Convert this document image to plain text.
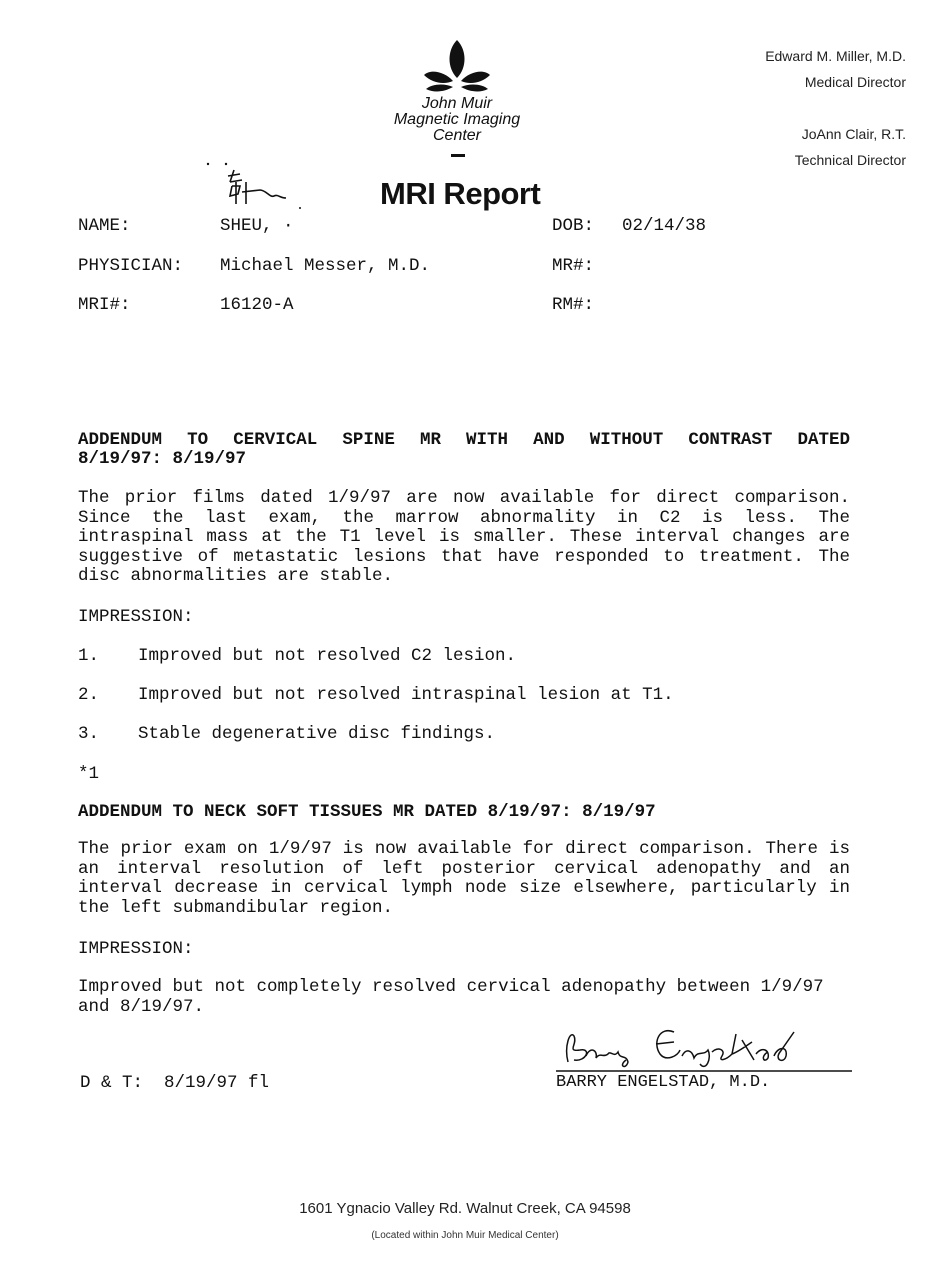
John Muir
Magnetic Imaging
Center
Edward M. Miller, M.D.
Medical Director
JoAnn Clair, R.T.
Technical Director
MRI Report
NAME:	SHEU, ·	DOB: 02/14/38
PHYSICIAN: Michael Messer, M.D.	MR#:
MRI#:	16120-A	RM#:
ADDENDUM TO CERVICAL SPINE MR WITH AND WITHOUT CONTRAST DATED
8/19/97: 8/19/97
The prior films dated 1/9/97 are now available for direct comparison. Since the last exam, the marrow abnormality in C2 is less. The intraspinal mass at the T1 level is smaller. These interval changes are suggestive of metastatic lesions that have responded to treatment. The disc abnormalities are stable.
IMPRESSION:
1. Improved but not resolved C2 lesion.
2. Improved but not resolved intraspinal lesion at T1.
3. Stable degenerative disc findings.
*1
ADDENDUM TO NECK SOFT TISSUES MR DATED 8/19/97: 8/19/97
The prior exam on 1/9/97 is now available for direct comparison. There is an interval resolution of left posterior cervical adenopathy and an interval decrease in cervical lymph node size elsewhere, particularly in the left submandibular region.
IMPRESSION:
Improved but not completely resolved cervical adenopathy between 1/9/97 and 8/19/97.
BARRY ENGELSTAD, M.D.
D & T:  8/19/97 fl
1601 Ygnacio Valley Rd. Walnut Creek, CA 94598
(Located within John Muir Medical Center)
